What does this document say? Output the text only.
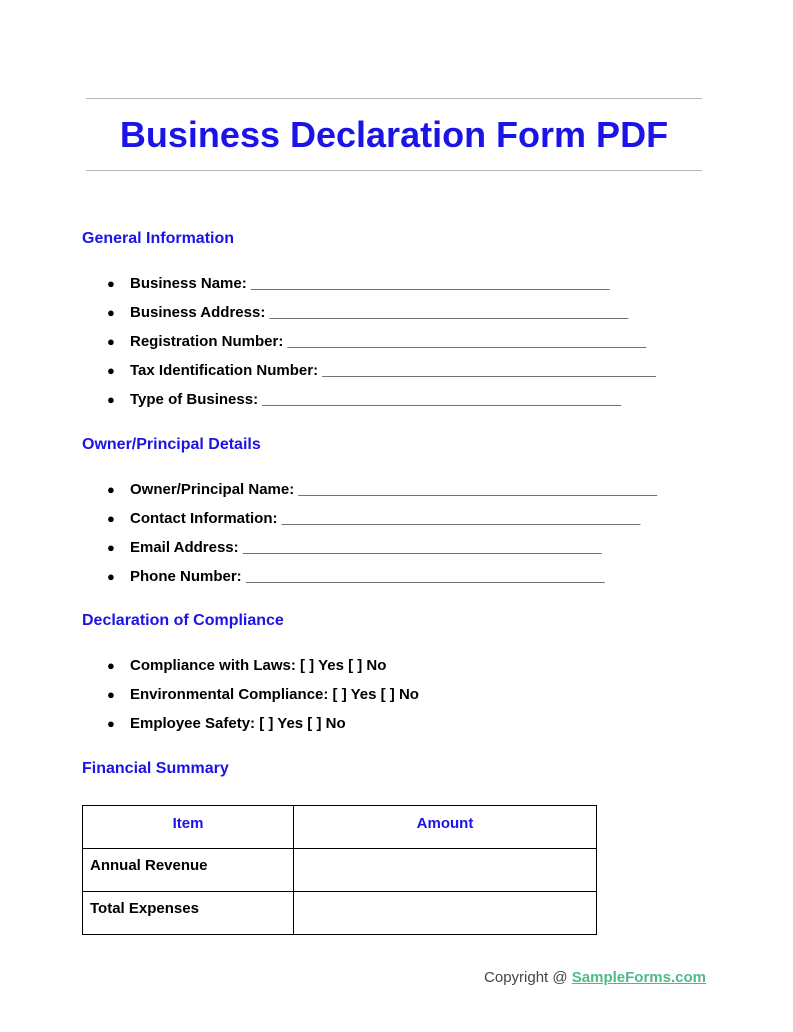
Business Declaration Form PDF
General Information
● Business Name: ___________________________________________
● Business Address: ___________________________________________
● Registration Number: ___________________________________________
● Tax Identification Number: ________________________________________
● Type of Business: ___________________________________________
Owner/Principal Details
● Owner/Principal Name: ___________________________________________
● Contact Information: ___________________________________________
● Email Address: ___________________________________________
● Phone Number: ___________________________________________
Declaration of Compliance
● Compliance with Laws: [ ] Yes [ ] No
● Environmental Compliance: [ ] Yes [ ] No
● Employee Safety: [ ] Yes [ ] No
Financial Summary
Item	Amount
Annual Revenue	
Total Expenses	
Copyright @ SampleForms.com
